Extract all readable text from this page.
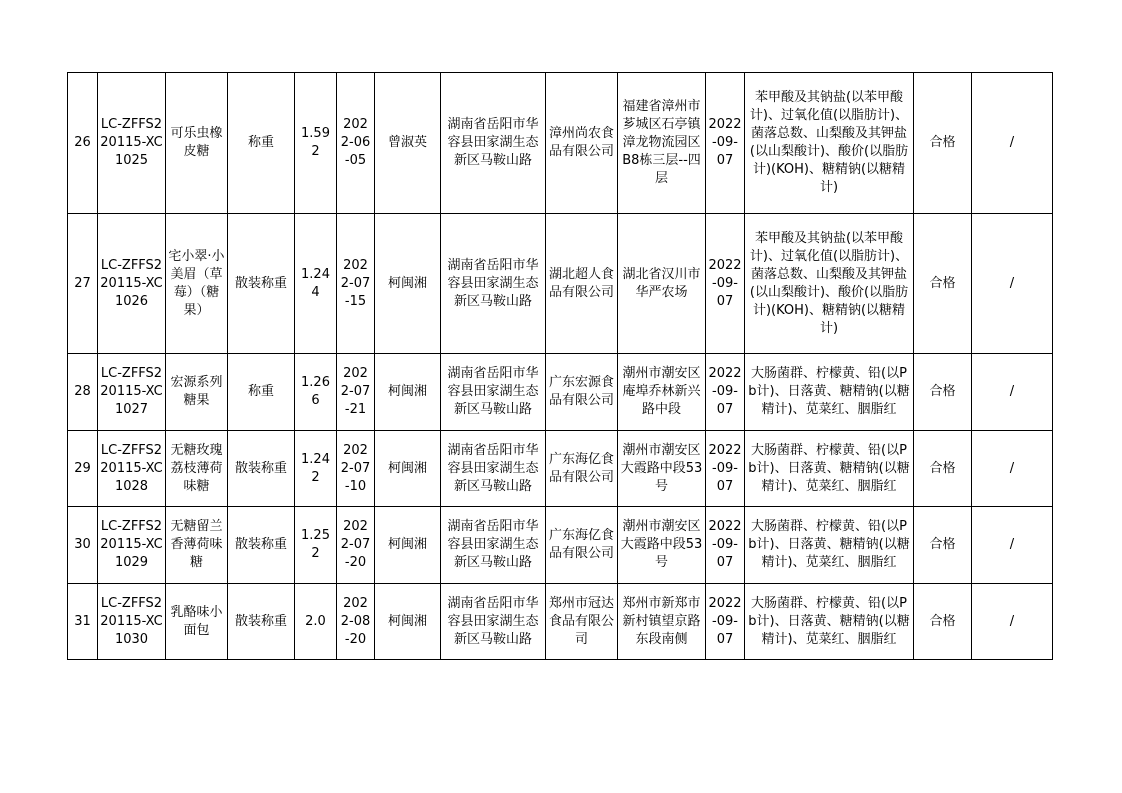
26	LC-ZFFS220115-XC1025	可乐虫橡皮糖	称重	1.592	2022-06-05	曾淑英	湖南省岳阳市华容县田家湖生态新区马鞍山路	漳州尚农食品有限公司	福建省漳州市芗城区石亭镇漳龙物流园区B8栋三层--四层	2022-09-07	苯甲酸及其钠盐(以苯甲酸计)、过氧化值(以脂肪计)、菌落总数、山梨酸及其钾盐(以山梨酸计)、酸价(以脂肪计)(KOH)、糖精钠(以糖精计)	合格	/
27	LC-ZFFS220115-XC1026	宅小翠·小美眉（草莓）（糖果）	散装称重	1.244	2022-07-15	柯闽湘	湖南省岳阳市华容县田家湖生态新区马鞍山路	湖北超人食品有限公司	湖北省汉川市华严农场	2022-09-07	苯甲酸及其钠盐(以苯甲酸计)、过氧化值(以脂肪计)、菌落总数、山梨酸及其钾盐(以山梨酸计)、酸价(以脂肪计)(KOH)、糖精钠(以糖精计)	合格	/
28	LC-ZFFS220115-XC1027	宏源系列糖果	称重	1.266	2022-07-21	柯闽湘	湖南省岳阳市华容县田家湖生态新区马鞍山路	广东宏源食品有限公司	潮州市潮安区庵埠乔林新兴路中段	2022-09-07	大肠菌群、柠檬黄、铅(以Pb计)、日落黄、糖精钠(以糖精计)、苋菜红、胭脂红	合格	/
29	LC-ZFFS220115-XC1028	无糖玫瑰荔枝薄荷味糖	散装称重	1.242	2022-07-10	柯闽湘	湖南省岳阳市华容县田家湖生态新区马鞍山路	广东海亿食品有限公司	潮州市潮安区大霞路中段53号	2022-09-07	大肠菌群、柠檬黄、铅(以Pb计)、日落黄、糖精钠(以糖精计)、苋菜红、胭脂红	合格	/
30	LC-ZFFS220115-XC1029	无糖留兰香薄荷味糖	散装称重	1.252	2022-07-20	柯闽湘	湖南省岳阳市华容县田家湖生态新区马鞍山路	广东海亿食品有限公司	潮州市潮安区大霞路中段53号	2022-09-07	大肠菌群、柠檬黄、铅(以Pb计)、日落黄、糖精钠(以糖精计)、苋菜红、胭脂红	合格	/
31	LC-ZFFS220115-XC1030	乳酪味小面包	散装称重	2.0	2022-08-20	柯闽湘	湖南省岳阳市华容县田家湖生态新区马鞍山路	郑州市冠达食品有限公司	郑州市新郑市新村镇望京路东段南侧	2022-09-07	大肠菌群、柠檬黄、铅(以Pb计)、日落黄、糖精钠(以糖精计)、苋菜红、胭脂红	合格	/
